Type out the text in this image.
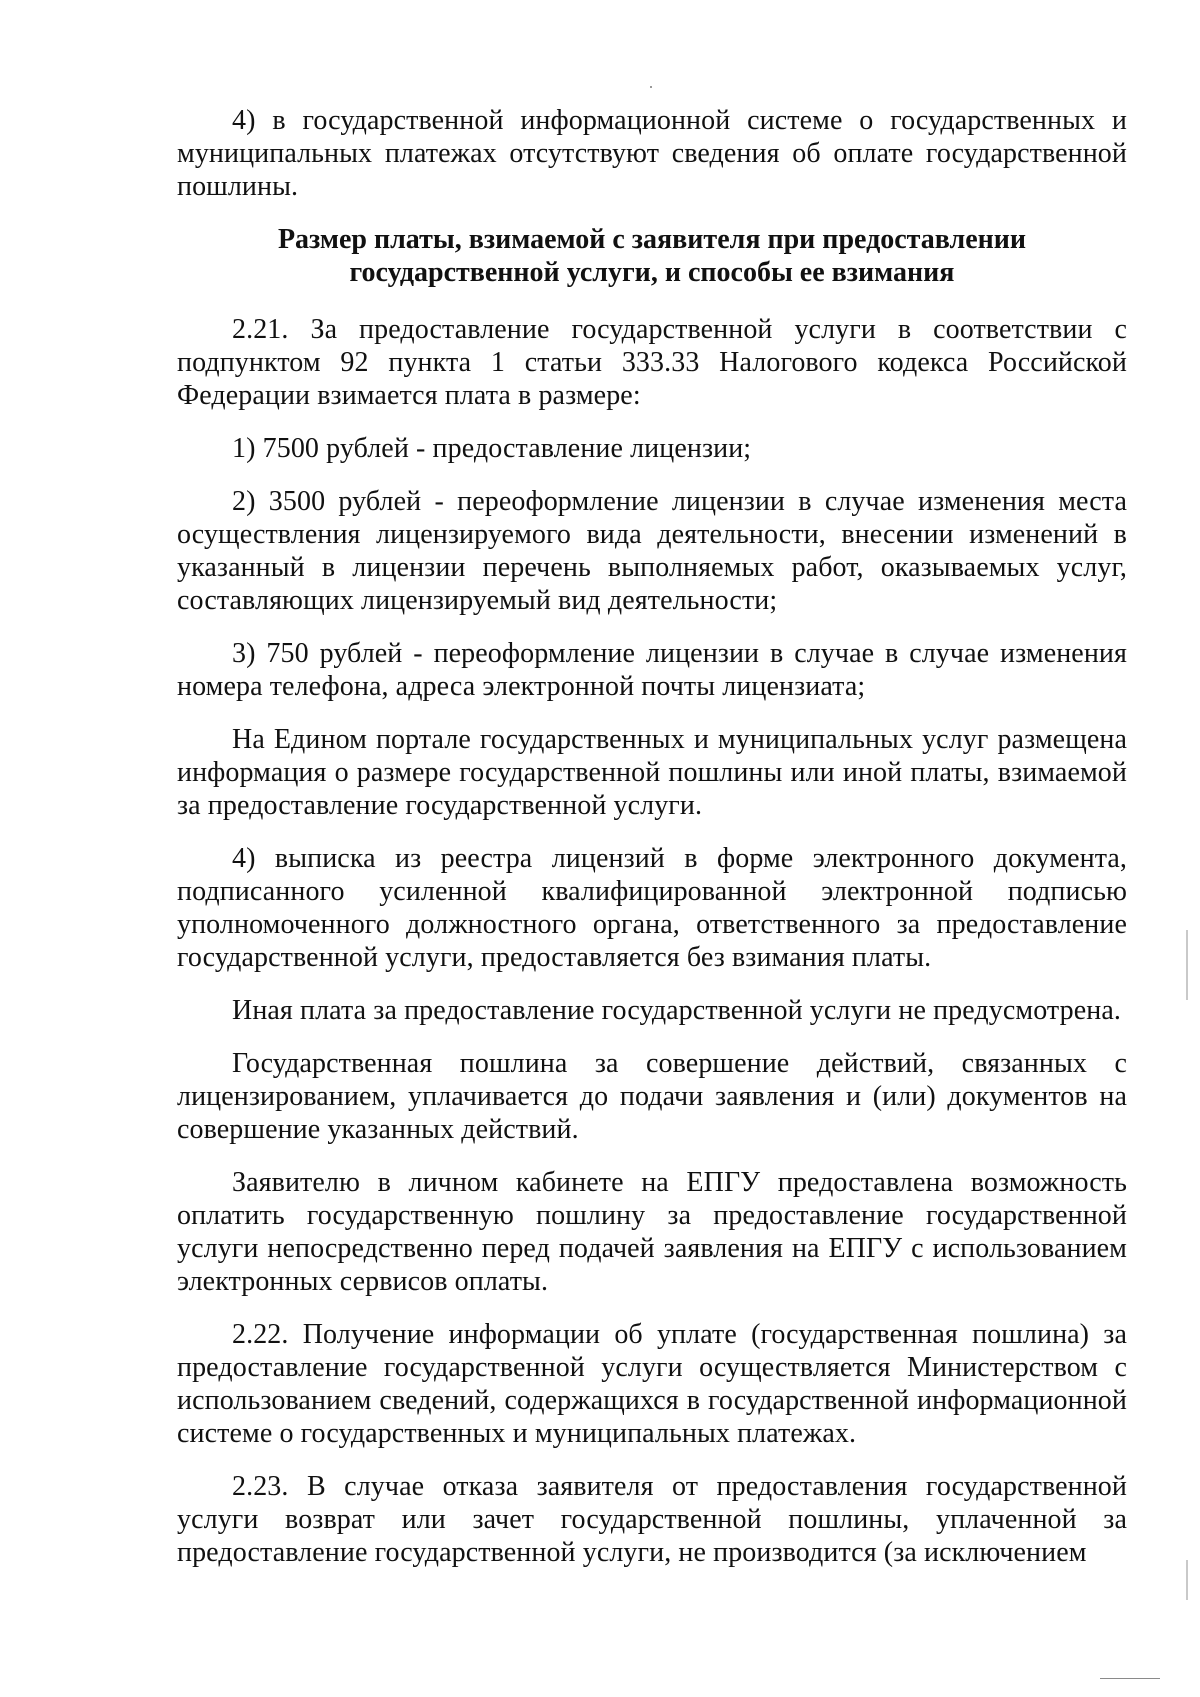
4) в государственной информационной системе о государственных и муниципальных платежах отсутствуют сведения об оплате государственной пошлины.

Размер платы, взимаемой с заявителя при предоставлении
государственной услуги, и способы ее взимания

2.21. За предоставление государственной услуги в соответствии с подпунктом 92 пункта 1 статьи 333.33 Налогового кодекса Российской Федерации взимается плата в размере:

1) 7500 рублей - предоставление лицензии;

2) 3500 рублей - переоформление лицензии в случае изменения места осуществления лицензируемого вида деятельности, внесении изменений в указанный в лицензии перечень выполняемых работ, оказываемых услуг, составляющих лицензируемый вид деятельности;

3) 750 рублей - переоформление лицензии в случае в случае изменения номера телефона, адреса электронной почты лицензиата;

На Едином портале государственных и муниципальных услуг размещена информация о размере государственной пошлины или иной платы, взимаемой за предоставление государственной услуги.

4) выписка из реестра лицензий в форме электронного документа, подписанного усиленной квалифицированной электронной подписью уполномоченного должностного органа, ответственного за предоставление государственной услуги, предоставляется без взимания платы.

Иная плата за предоставление государственной услуги не предусмотрена.

Государственная пошлина за совершение действий, связанных с лицензированием, уплачивается до подачи заявления и (или) документов на совершение указанных действий.

Заявителю в личном кабинете на ЕПГУ предоставлена возможность оплатить государственную пошлину за предоставление государственной услуги непосредственно перед подачей заявления на ЕПГУ с использованием электронных сервисов оплаты.

2.22. Получение информации об уплате (государственная пошлина) за предоставление государственной услуги осуществляется Министерством с использованием сведений, содержащихся в государственной информационной системе о государственных и муниципальных платежах.

2.23. В случае отказа заявителя от предоставления государственной услуги возврат или зачет государственной пошлины, уплаченной за предоставление государственной услуги, не производится (за исключением
